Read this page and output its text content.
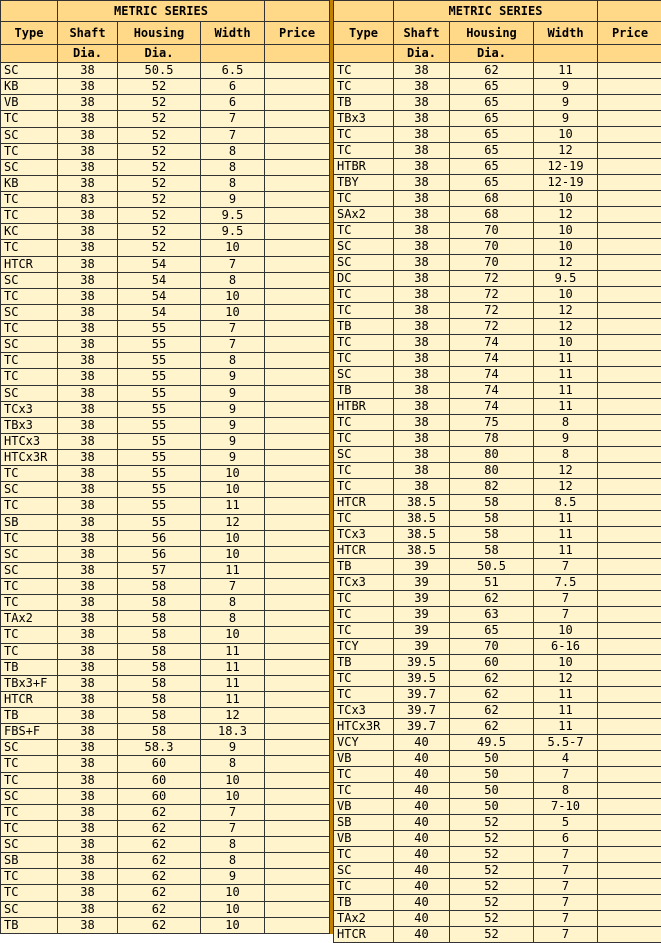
	METRIC SERIES			
Type	Shaft	Housing	Width	Price
	Dia.	Dia.		
SC	38	50.5	6.5	
KB	38	52	6	
VB	38	52	6	
TC	38	52	7	
SC	38	52	7	
TC	38	52	8	
SC	38	52	8	
KB	38	52	8	
TC	83	52	9	
TC	38	52	9.5	
KC	38	52	9.5	
TC	38	52	10	
HTCR	38	54	7	
SC	38	54	8	
TC	38	54	10	
SC	38	54	10	
TC	38	55	7	
SC	38	55	7	
TC	38	55	8	
TC	38	55	9	
SC	38	55	9	
TCx3	38	55	9	
TBx3	38	55	9	
HTCx3	38	55	9	
HTCx3R	38	55	9	
TC	38	55	10	
SC	38	55	10	
TC	38	55	11	
SB	38	55	12	
TC	38	56	10	
SC	38	56	10	
SC	38	57	11	
TC	38	58	7	
TC	38	58	8	
TAx2	38	58	8	
TC	38	58	10	
TC	38	58	11	
TB	38	58	11	
TBx3+F	38	58	11	
HTCR	38	58	11	
TB	38	58	12	
FBS+F	38	58	18.3	
SC	38	58.3	9	
TC	38	60	8	
TC	38	60	10	
SC	38	60	10	
TC	38	62	7	
TC	38	62	7	
SC	38	62	8	
SB	38	62	8	
TC	38	62	9	
TC	38	62	10	
SC	38	62	10	
TB	38	62	10	
	METRIC SERIES			
Type	Shaft	Housing	Width	Price
	Dia.	Dia.		
TC	38	62	11	
TC	38	65	9	
TB	38	65	9	
TBx3	38	65	9	
TC	38	65	10	
TC	38	65	12	
HTBR	38	65	12-19	
TBY	38	65	12-19	
TC	38	68	10	
SAx2	38	68	12	
TC	38	70	10	
SC	38	70	10	
SC	38	70	12	
DC	38	72	9.5	
TC	38	72	10	
TC	38	72	12	
TB	38	72	12	
TC	38	74	10	
TC	38	74	11	
SC	38	74	11	
TB	38	74	11	
HTBR	38	74	11	
TC	38	75	8	
TC	38	78	9	
SC	38	80	8	
TC	38	80	12	
TC	38	82	12	
HTCR	38.5	58	8.5	
TC	38.5	58	11	
TCx3	38.5	58	11	
HTCR	38.5	58	11	
TB	39	50.5	7	
TCx3	39	51	7.5	
TC	39	62	7	
TC	39	63	7	
TC	39	65	10	
TCY	39	70	6-16	
TB	39.5	60	10	
TC	39.5	62	12	
TC	39.7	62	11	
TCx3	39.7	62	11	
HTCx3R	39.7	62	11	
VCY	40	49.5	5.5-7	
VB	40	50	4	
TC	40	50	7	
TC	40	50	8	
VB	40	50	7-10	
SB	40	52	5	
VB	40	52	6	
TC	40	52	7	
SC	40	52	7	
TC	40	52	7	
TB	40	52	7	
TAx2	40	52	7	
HTCR	40	52	7	
